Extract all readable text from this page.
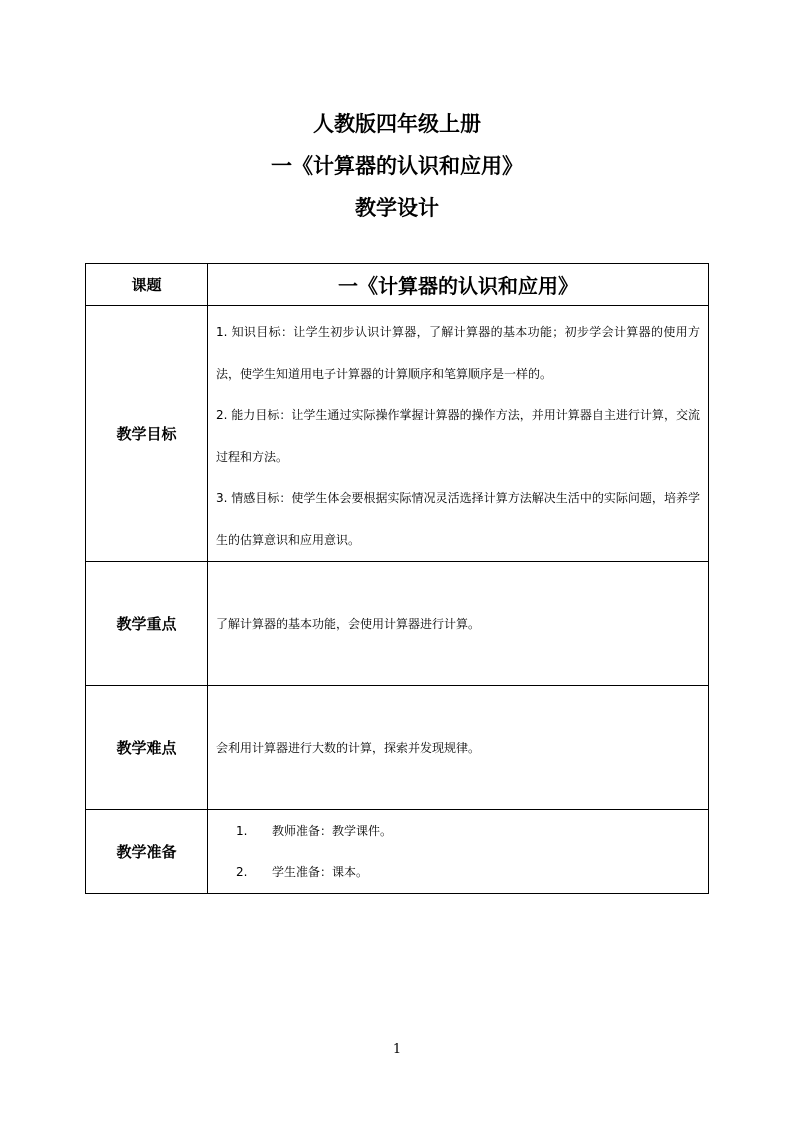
人教版四年级上册
一《计算器的认识和应用》
教学设计
课题	一《计算器的认识和应用》
教学目标	1. 知识目标：让学生初步认识计算器，了解计算器的基本功能；初步学会计算器的使用方法，使学生知道用电子计算器的计算顺序和笔算顺序是一样的。
2. 能力目标：让学生通过实际操作掌握计算器的操作方法，并用计算器自主进行计算，交流过程和方法。
3. 情感目标：使学生体会要根据实际情况灵活选择计算方法解决生活中的实际问题，培养学生的估算意识和应用意识。

教学重点	了解计算器的基本功能，会使用计算器进行计算。

教学难点	会利用计算器进行大数的计算，探索并发现规律。

教学准备	1. 教师准备：教学课件。
2. 学生准备：课本。
1
